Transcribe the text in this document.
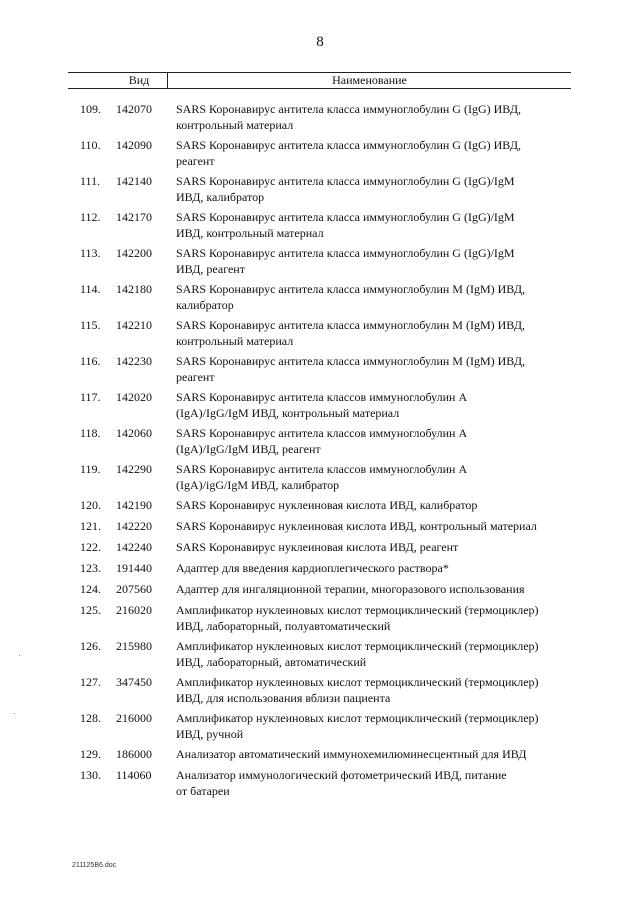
8
Вид	Наименование
109. 142070 SARS Коронавирус антитела класса иммуноглобулин G (IgG) ИВД,
контрольный материал
110. 142090 SARS Коронавирус антитела класса иммуноглобулин G (IgG) ИВД,
реагент
111. 142140 SARS Коронавирус антитела класса иммуноглобулин G (IgG)/IgM
ИВД, калибратор
112. 142170 SARS Коронавирус антитела класса иммуноглобулин G (IgG)/IgM
ИВД, контрольный материал
113. 142200 SARS Коронавирус антитела класса иммуноглобулин G (IgG)/IgM
ИВД, реагент
114. 142180 SARS Коронавирус антитела класса иммуноглобулин M (IgM) ИВД,
калибратор
115. 142210 SARS Коронавирус антитела класса иммуноглобулин M (IgM) ИВД,
контрольный материал
116. 142230 SARS Коронавирус антитела класса иммуноглобулин M (IgM) ИВД,
реагент
117. 142020 SARS Коронавирус антитела классов иммуноглобулин A
(IgA)/IgG/IgM ИВД, контрольный материал
118. 142060 SARS Коронавирус антитела классов иммуноглобулин A
(IgA)/IgG/IgM ИВД, реагент
119. 142290 SARS Коронавирус антитела классов иммуноглобулин A
(IgA)/igG/IgM ИВД, калибратор
120. 142190 SARS Коронавирус нуклеиновая кислота ИВД, калибратор
121. 142220 SARS Коронавирус нуклеиновая кислота ИВД, контрольный материал
122. 142240 SARS Коронавирус нуклеиновая кислота ИВД, реагент
123. 191440 Адаптер для введения кардиоплегического раствора*
124. 207560 Адаптер для ингаляционной терапии, многоразового использования
125. 216020 Амплификатор нуклеиновых кислот термоциклический (термоциклер)
ИВД, лабораторный, полуавтоматический
126. 215980 Амплификатор нуклеиновых кислот термоциклический (термоциклер)
ИВД, лабораторный, автоматический
127. 347450 Амплификатор нуклеиновых кислот термоциклический (термоциклер)
ИВД, для использования вблизи пациента
128. 216000 Амплификатор нуклеиновых кислот термоциклический (термоциклер)
ИВД, ручной
129. 186000 Анализатор автоматический иммунохемилюминесцентный для ИВД
130. 114060 Анализатор иммунологический фотометрический ИВД, питание
от батареи
211125B6.doc
